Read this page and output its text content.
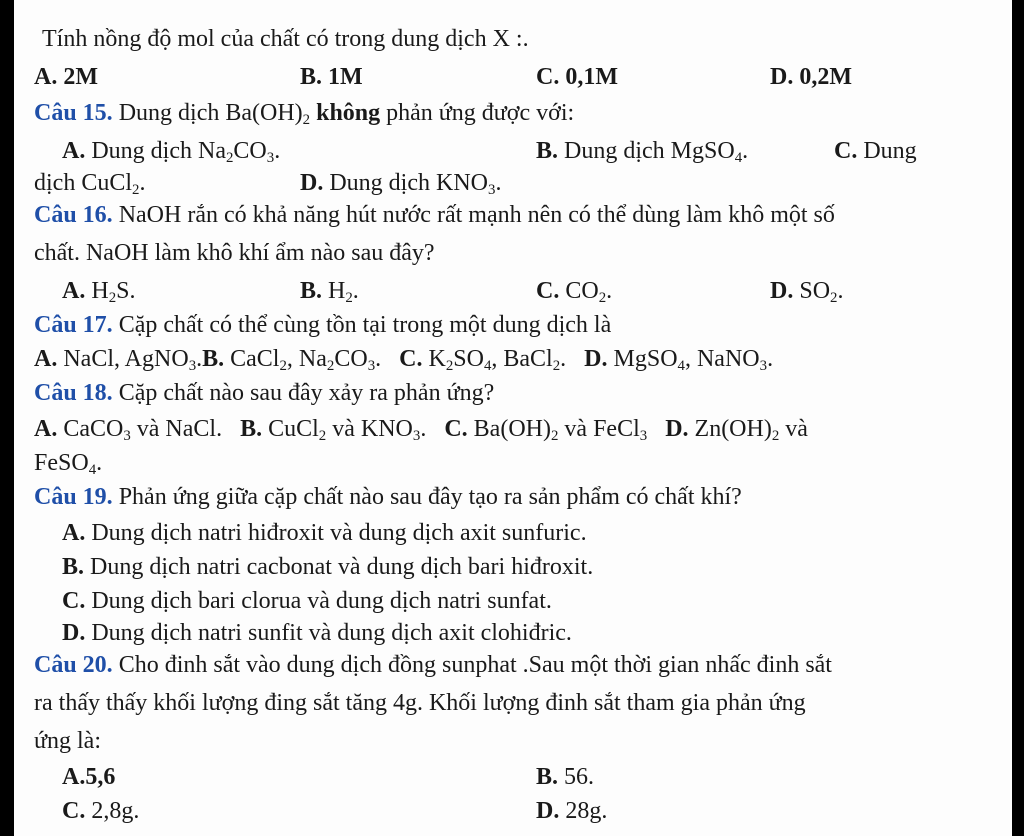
Tính nồng độ mol của chất có trong dung dịch X :.
A. 2M	B. 1M	C. 0,1M	D. 0,2M
Câu 15. Dung dịch $Ba(OH)_2$ không phản ứng được với:
A. Dung dịch $Na_2CO_3$.	B. Dung dịch MgSO$_4$.	C. Dung
dịch CuCl$_2$.	D. Dung dịch $KNO_3$.
Câu 16. NaOH rắn có khả năng hút nước rất mạnh nên có thể dùng làm khô một số
chất. NaOH làm khô khí ẩm nào sau đây?
A. $H_2S$.	B. $H_2$.	C. $CO_2$.	D. $SO_2$.
Câu 17. Cặp chất có thể cùng tồn tại trong một dung dịch là
A. NaCl, AgNO$_3$.B. CaCl$_2$, $Na_2CO_3$. C. $K_2SO_4$, BaCl$_2$. D. MgSO$_4$, NaNO$_3$.
Câu 18. Cặp chất nào sau đây xảy ra phản ứng?
A. CaCO$_3$ và NaCl. B. CuCl$_2$ và $KNO_3$. C. $Ba(OH)_2$ và FeCl$_3$ D. $Zn(OH)_2$ và
FeSO$_4$.
Câu 19. Phản ứng giữa cặp chất nào sau đây tạo ra sản phẩm có chất khí?
A. Dung dịch natri hiđroxit và dung dịch axit sunfuric.
B. Dung dịch natri cacbonat và dung dịch bari hiđroxit.
C. Dung dịch bari clorua và dung dịch natri sunfat.
D. Dung dịch natri sunfit và dung dịch axit clohiđric.
Câu 20. Cho đinh sắt vào dung dịch đồng sunphat .Sau một thời gian nhấc đinh sắt
ra thấy thấy khối lượng đing sắt tăng 4g. Khối lượng đinh sắt tham gia phản ứng
ứng là:
A.5,6	B. 56.
C. 2,8g.	D. 28g.
